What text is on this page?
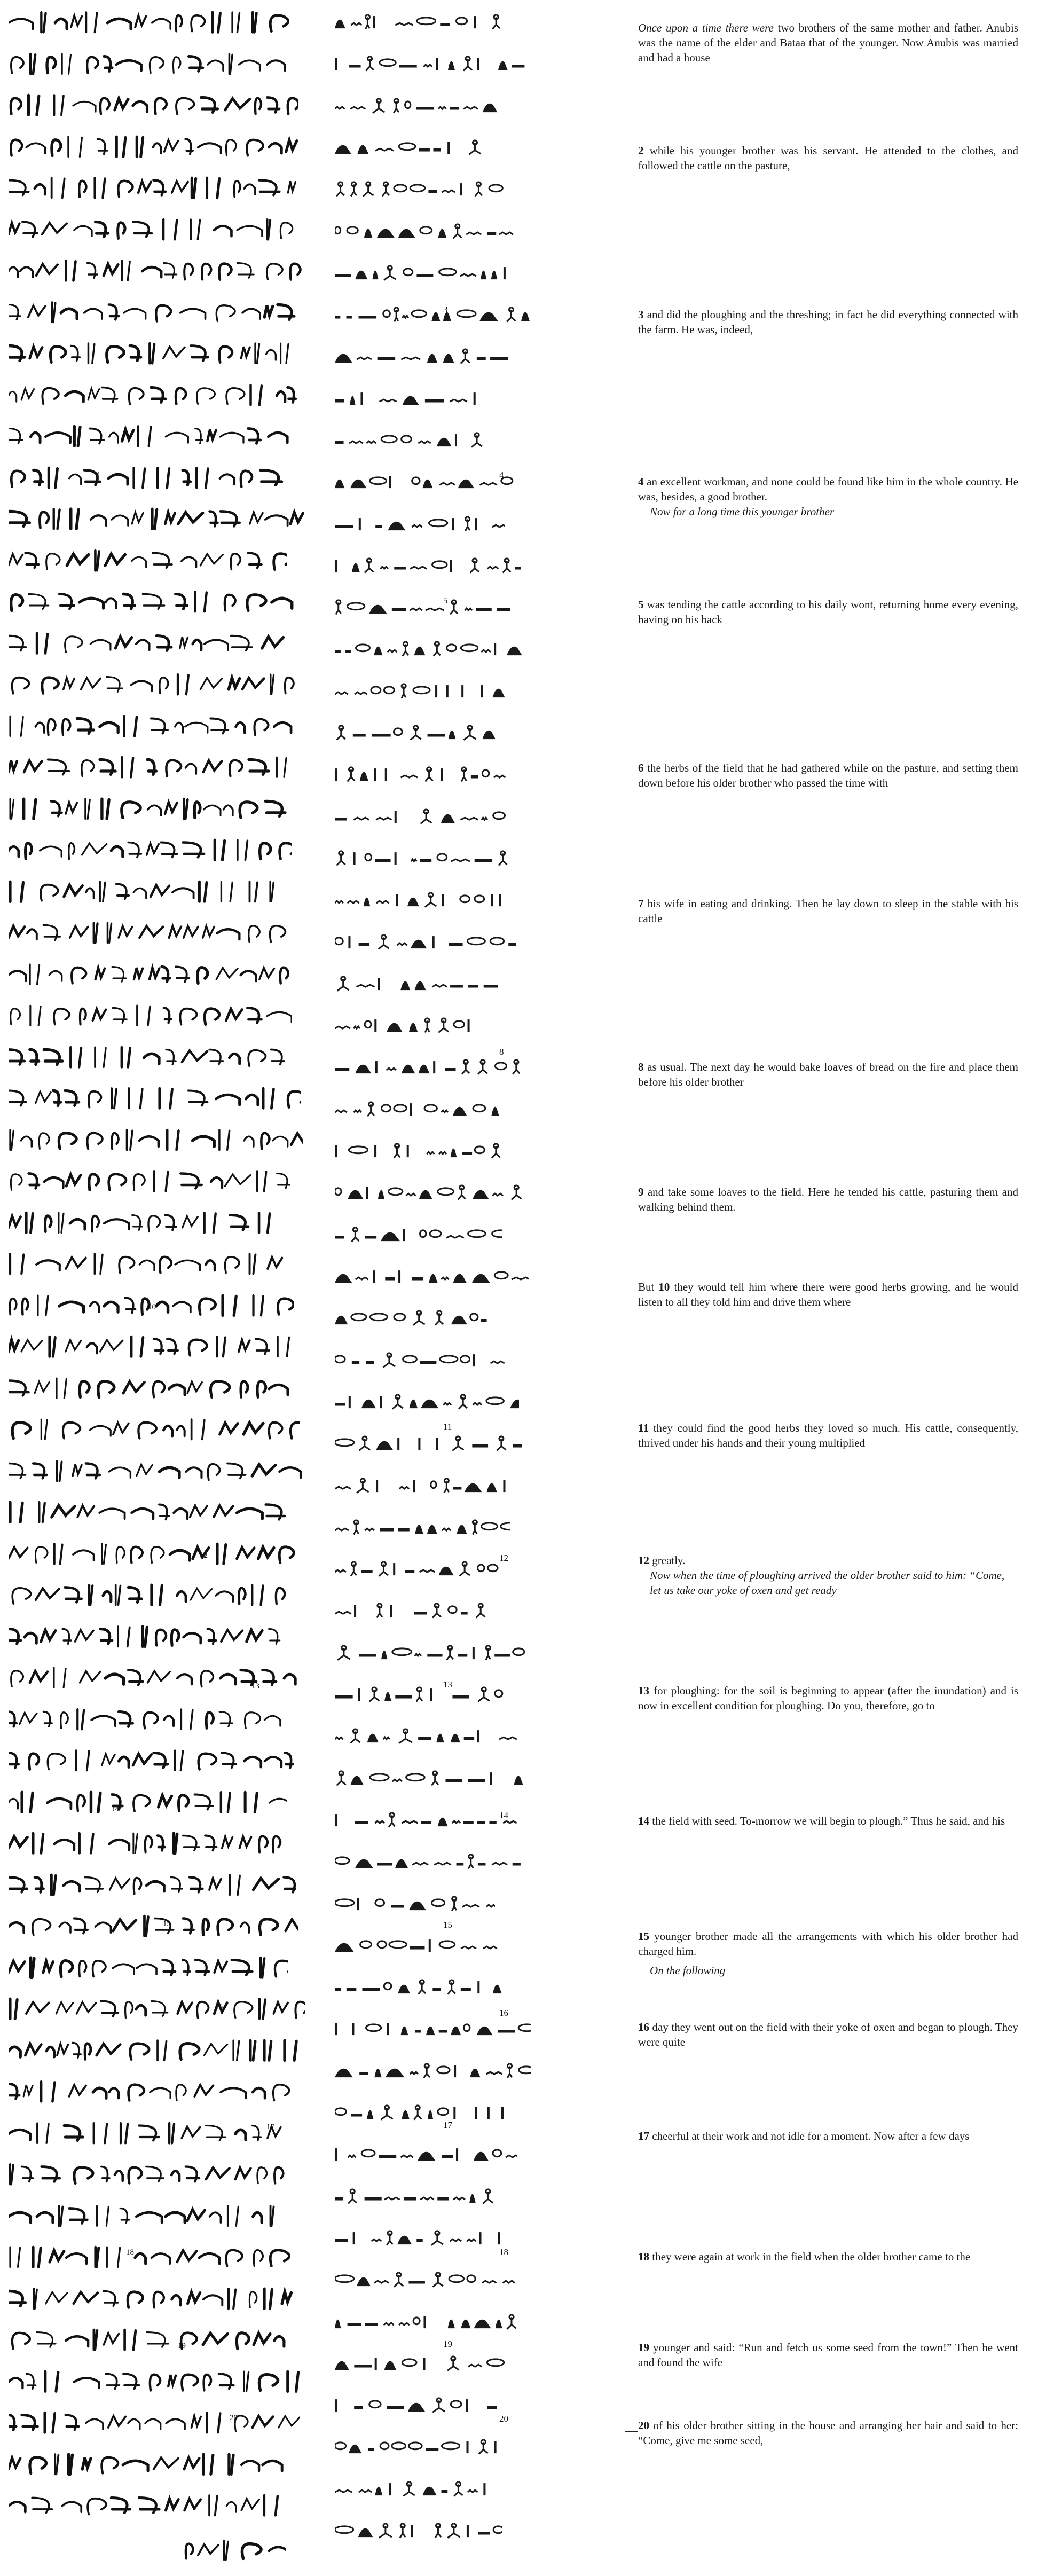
4
10
12
13
14
15
16
17
18
19
20
3
4
5
8
11
12
13
14
15
16
17
18
19
20
Once upon a time there were two brothers of the same mother and father. Anubis was the name of the elder and Bataa that of the younger. Now Anubis was married and had a house
2 while his younger brother was his servant. He attended to the clothes, and followed the cattle on the pasture,
3 and did the ploughing and the threshing; in fact he did everything connected with the farm. He was, indeed,
4 an excellent workman, and none could be found like him in the whole country. He was, besides, a good brother.
Now for a long time this younger brother
5 was tending the cattle according to his daily wont, returning home every evening, having on his back
6 the herbs of the field that he had gathered while on the pasture, and setting them down before his older brother who passed the time with
7 his wife in eating and drinking. Then he lay down to sleep in the stable with his cattle
8 as usual. The next day he would bake loaves of bread on the fire and place them before his older brother
9 and take some loaves to the field. Here he tended his cattle, pasturing them and walking behind them.
But 10 they would tell him where there were good herbs growing, and he would listen to all they told him and drive them where
11 they could find the good herbs they loved so much. His cattle, consequently, thrived under his hands and their young multiplied
12 greatly.
Now when the time of ploughing arrived the older brother said to him: “Come, let us take our yoke of oxen and get ready
13 for ploughing: for the soil is beginning to appear (after the inundation) and is now in excellent condition for ploughing. Do you, therefore, go to
14 the field with seed. To-morrow we will begin to plough.” Thus he said, and his
15 younger brother made all the arrangements with which his older brother had charged him.
On the following
16 day they went out on the field with their yoke of oxen and began to plough. They were quite
17 cheerful at their work and not idle for a moment. Now after a few days
18 they were again at work in the field when the older brother came to the
19 younger and said: “Run and fetch us some seed from the town!” Then he went and found the wife
20 of his older brother sitting in the house and arranging her hair and said to her: “Come, give me some seed,
